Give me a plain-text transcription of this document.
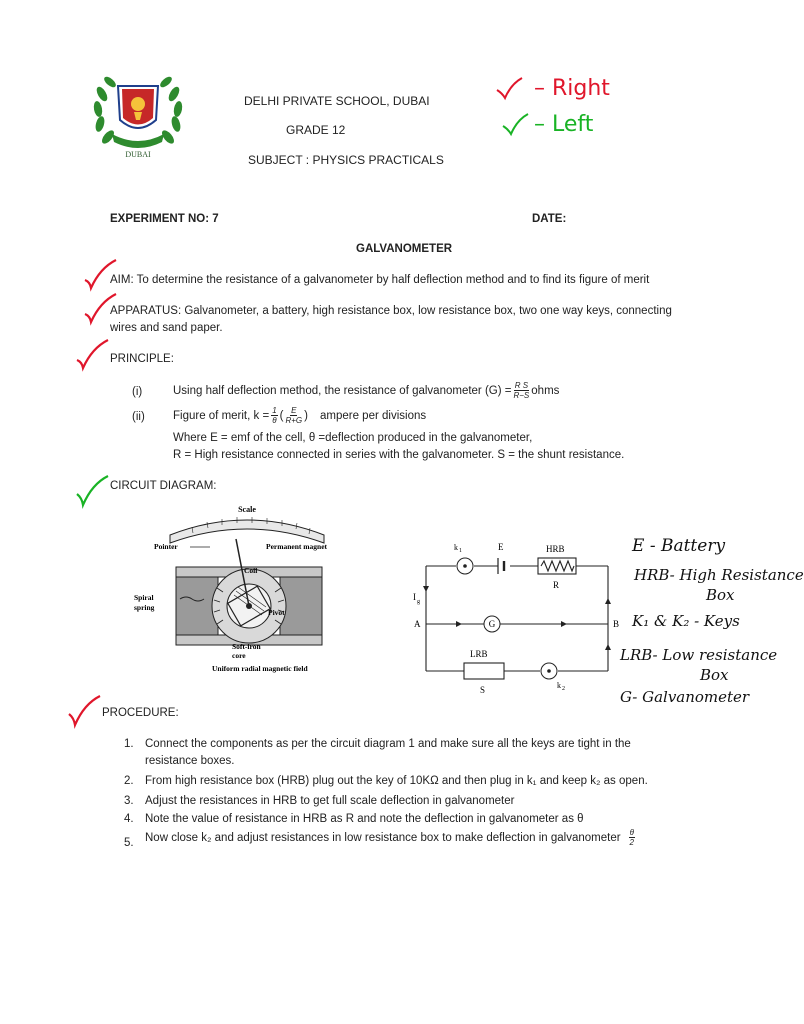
DUBAI
DELHI PRIVATE SCHOOL, DUBAI
GRADE 12
SUBJECT : PHYSICS PRACTICALS
– Right
– Left
EXPERIMENT NO: 7	DATE:
GALVANOMETER
AIM: To determine the resistance of a galvanometer by half deflection method and to find its figure of merit
APPARATUS: Galvanometer, a battery, high resistance box, low resistance box, two one way keys, connecting
wires and sand paper.
PRINCIPLE:
(i)	Using half deflection method, the resistance of galvanometer $(G) = \frac{\text{R S}}{R-S}$ ohms
(ii) Figure of merit, $k = \frac{1}{\theta}$ ( $\frac{E}{R+G}$ ) ampere per divisions
Where E = emf of the cell, θ =deflection produced in the galvanometer,
R = High resistance connected in series with the galvanometer. S = the shunt resistance.
CIRCUIT DIAGRAM:
Scale
Pointer	Permanent magnet
Coil
Spiral
spring
Pivot
Soft-iron
core
Uniform radial magnetic field
G
k 1	E	HRB
R
I g
A	B
LRB
S	k 2
E - Battery
HRB- High Resistance
Box
K₁ & K₂ - Keys
LRB- Low resistance
Box
G- Galvanometer
PROCEDURE:
1. Connect the components as per the circuit diagram 1 and make sure all the keys are tight in the
resistance boxes.
2. From high resistance box (HRB) plug out the key of 10KΩ and then plug in k₁ and keep k₂ as open.
3. Adjust the resistances in HRB to get full scale deflection in galvanometer
4. Note the value of resistance in HRB as R and note the deflection in galvanometer as θ
5. Now close k₂ and adjust resistances in low resistance box to make deflection in galvanometer $\frac{\theta}{2}$
